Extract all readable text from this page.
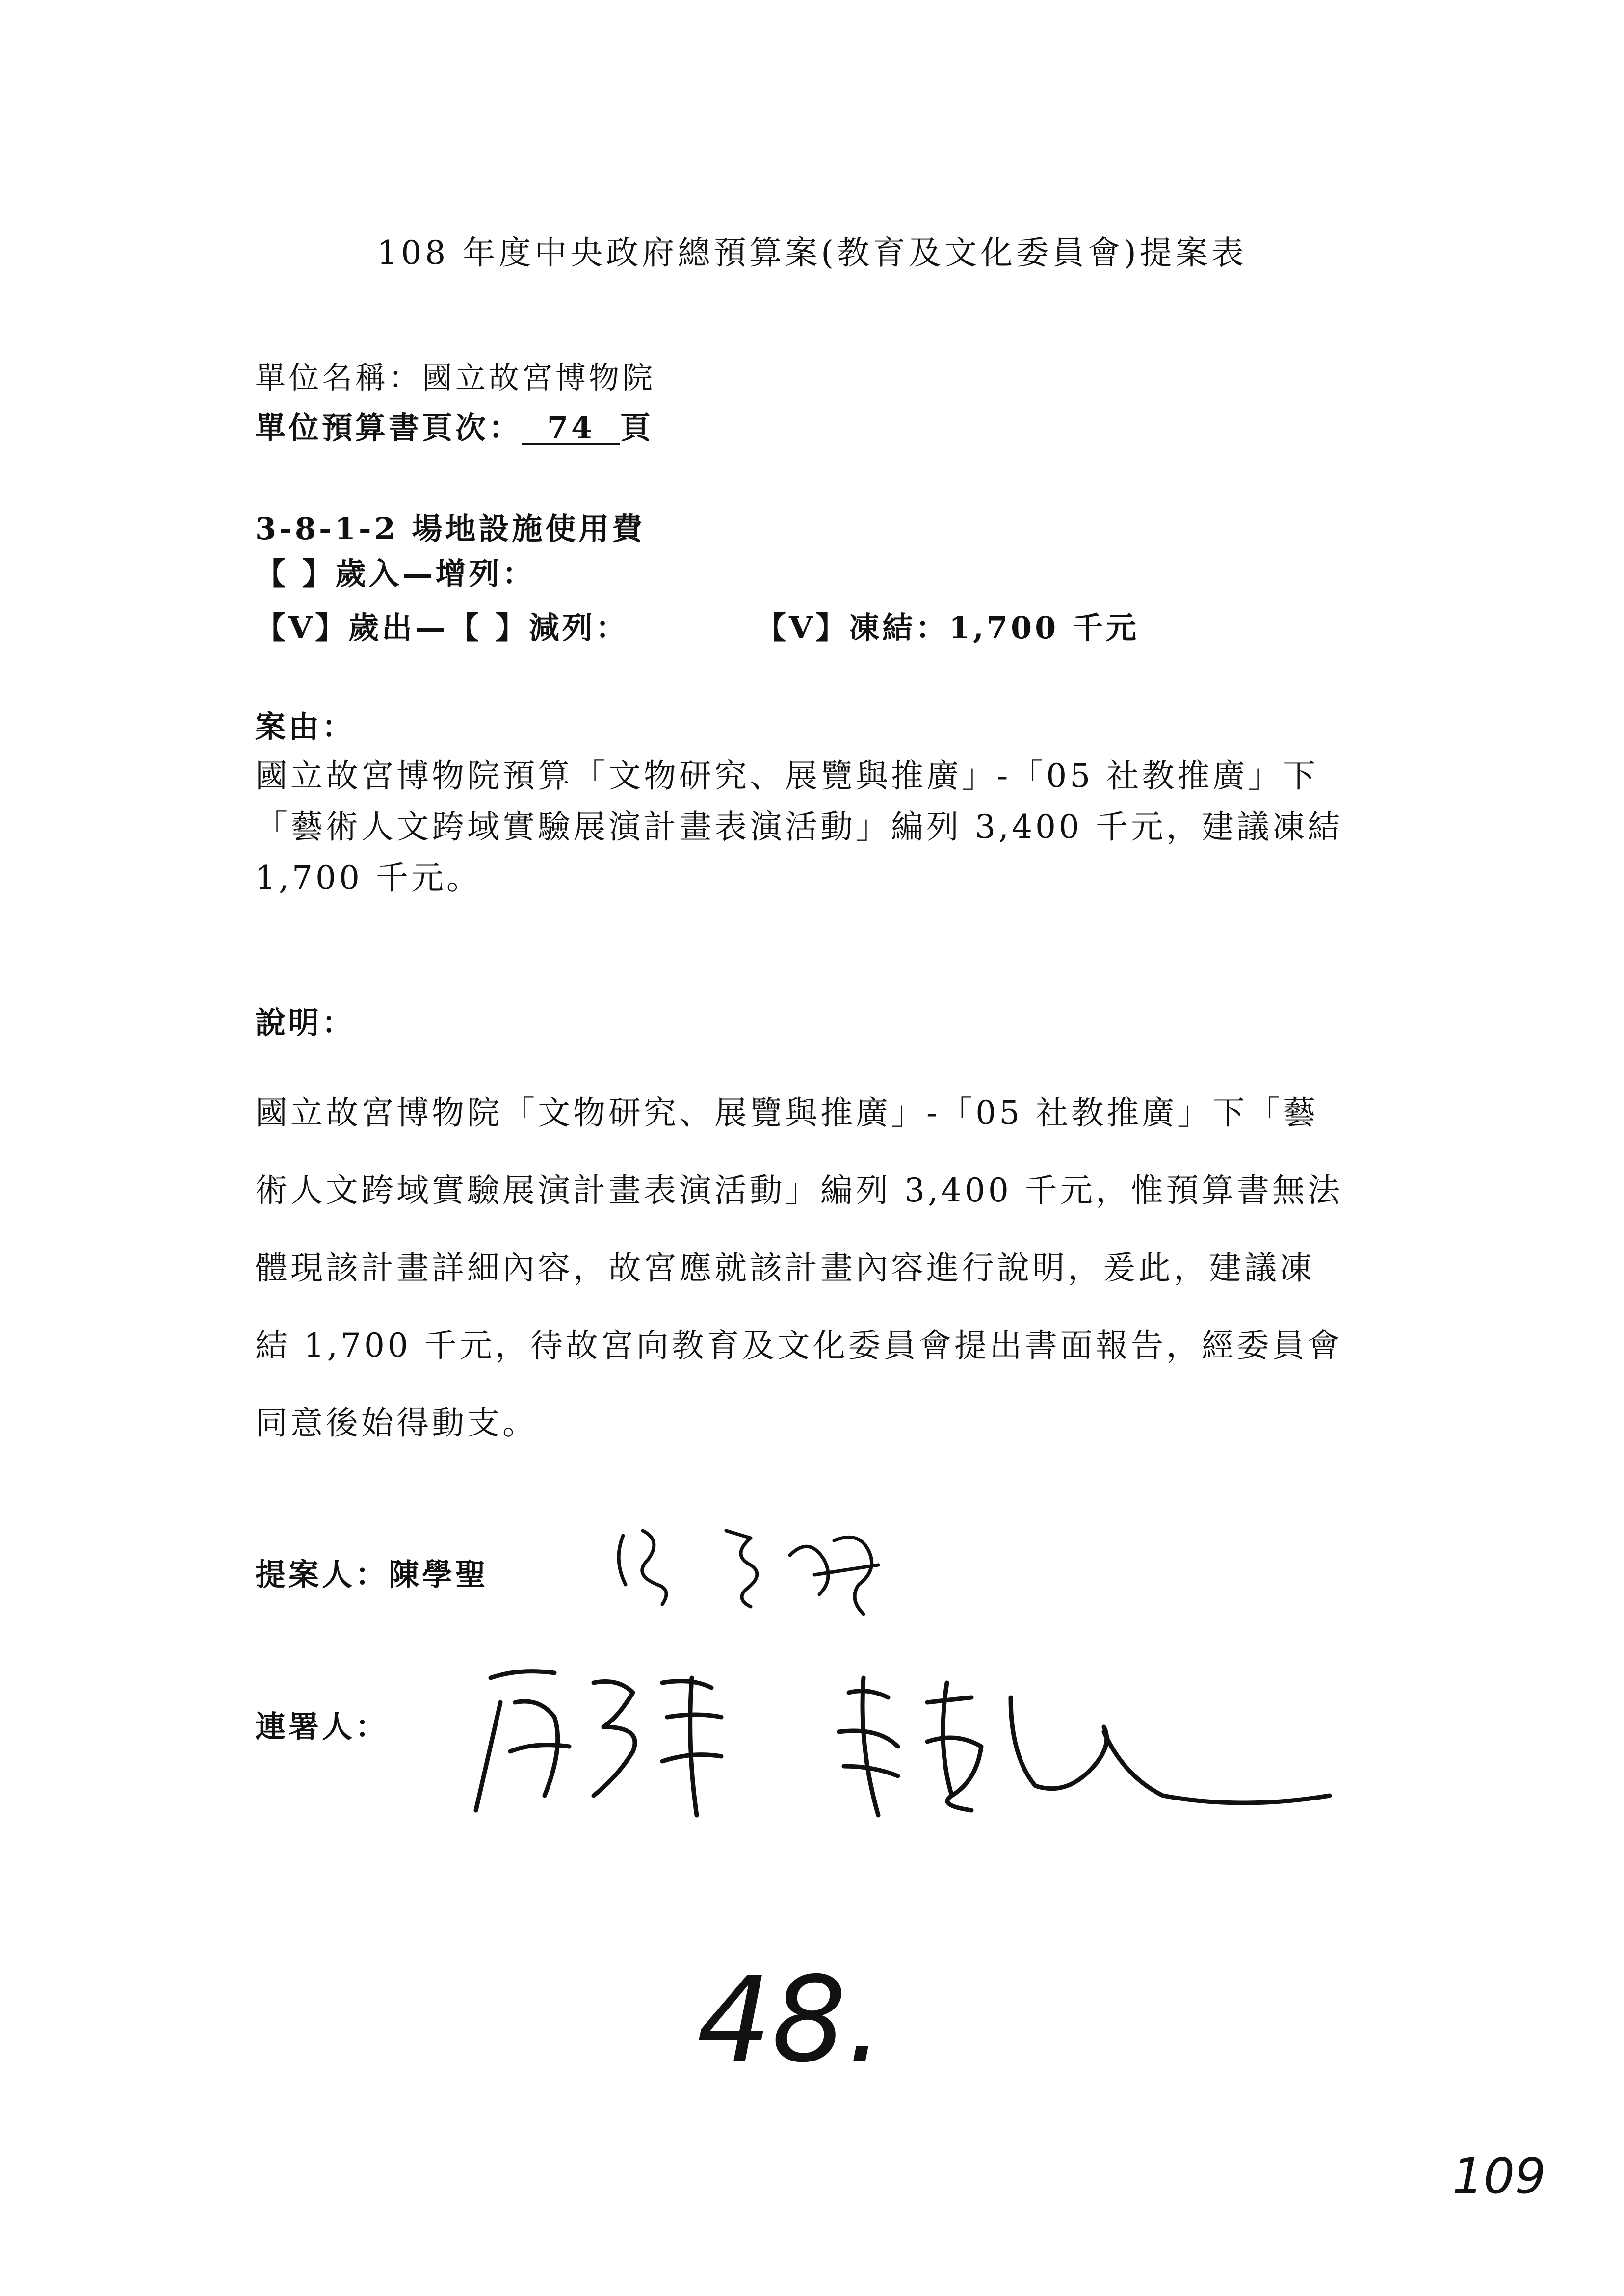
108 年度中央政府總預算案(教育及文化委員會)提案表
單位名稱：國立故宮博物院
單位預算書頁次： 74 頁
3-8-1-2 場地設施使用費
【 】歲入—增列：
【V】歲出—【 】減列：	【V】凍結：1,700 千元
案由：
國立故宮博物院預算「文物研究、展覽與推廣」-「05 社教推廣」下
「藝術人文跨域實驗展演計畫表演活動」編列 3,400 千元，建議凍結
1,700 千元。
說明：
國立故宮博物院「文物研究、展覽與推廣」-「05 社教推廣」下「藝
術人文跨域實驗展演計畫表演活動」編列 3,400 千元，惟預算書無法
體現該計畫詳細內容，故宮應就該計畫內容進行說明，爰此，建議凍
結 1,700 千元，待故宮向教育及文化委員會提出書面報告，經委員會
同意後始得動支。
提案人：陳學聖
連署人：
48.
109
